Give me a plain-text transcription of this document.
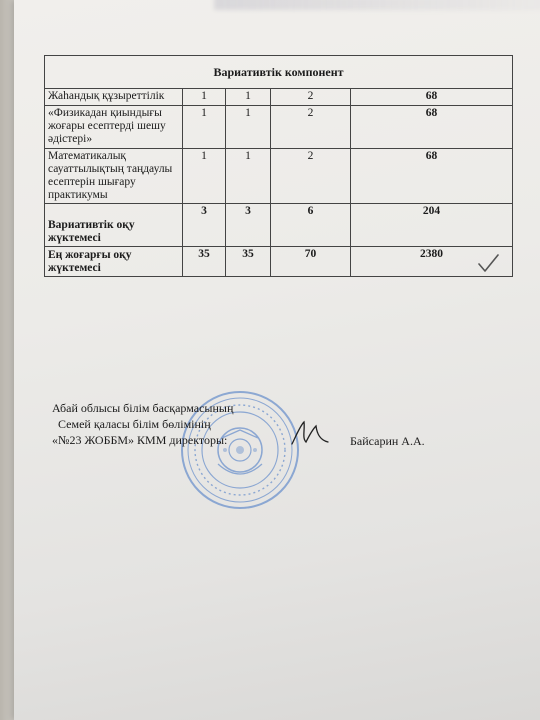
Вариативтік компонент				
Жаһандық құзыреттілік	1	1	2	68
«Физикадан қиындығы жоғары есептерді шешу әдістері»	1	1	2	68
Математикалық сауаттылықтың таңдаулы есептерін шығару практикумы	1	1	2	68
Вариативтік оқу жүктемесі	3	3	6	204
Ең жоғарғы оқу жүктемесі	35	35	70	2380
Абай облысы білім басқармасының
Семей қаласы білім бөлімінің
«№23 ЖОББМ» КММ директоры:	Байсарин А.А.
